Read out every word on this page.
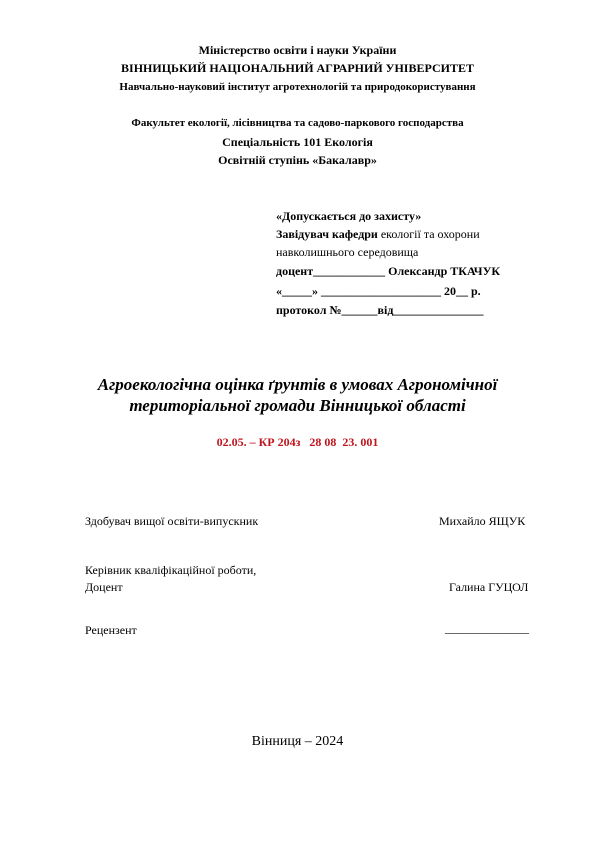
Міністерство освіти і науки України
ВІННИЦЬКИЙ НАЦІОНАЛЬНИЙ АГРАРНИЙ УНІВЕРСИТЕТ
Навчально-науковий інститут агротехнологій та природокористування
Факультет екології, лісівництва та садово-паркового господарства
Спеціальність 101 Екологія
Освітній ступінь «Бакалавр»
«Допускається до захисту»
Завідувач кафедри екології та охорони
навколишнього середовища
доцент____________ Олександр ТКАЧУК
«_____» ____________________ 20__ р.
протокол №______від_______________
Агроекологічна оцінка ґрунтів в умовах Агрономічної
територіальної громади Вінницької області
02.05. – КР 204з   28 08  23. 001
Здобувач вищої освіти-випускник	Михайло ЯЩУК
Керівник кваліфікаційної роботи,
Доцент	Галина ГУЦОЛ
Рецензент	______________
Вінниця – 2024
